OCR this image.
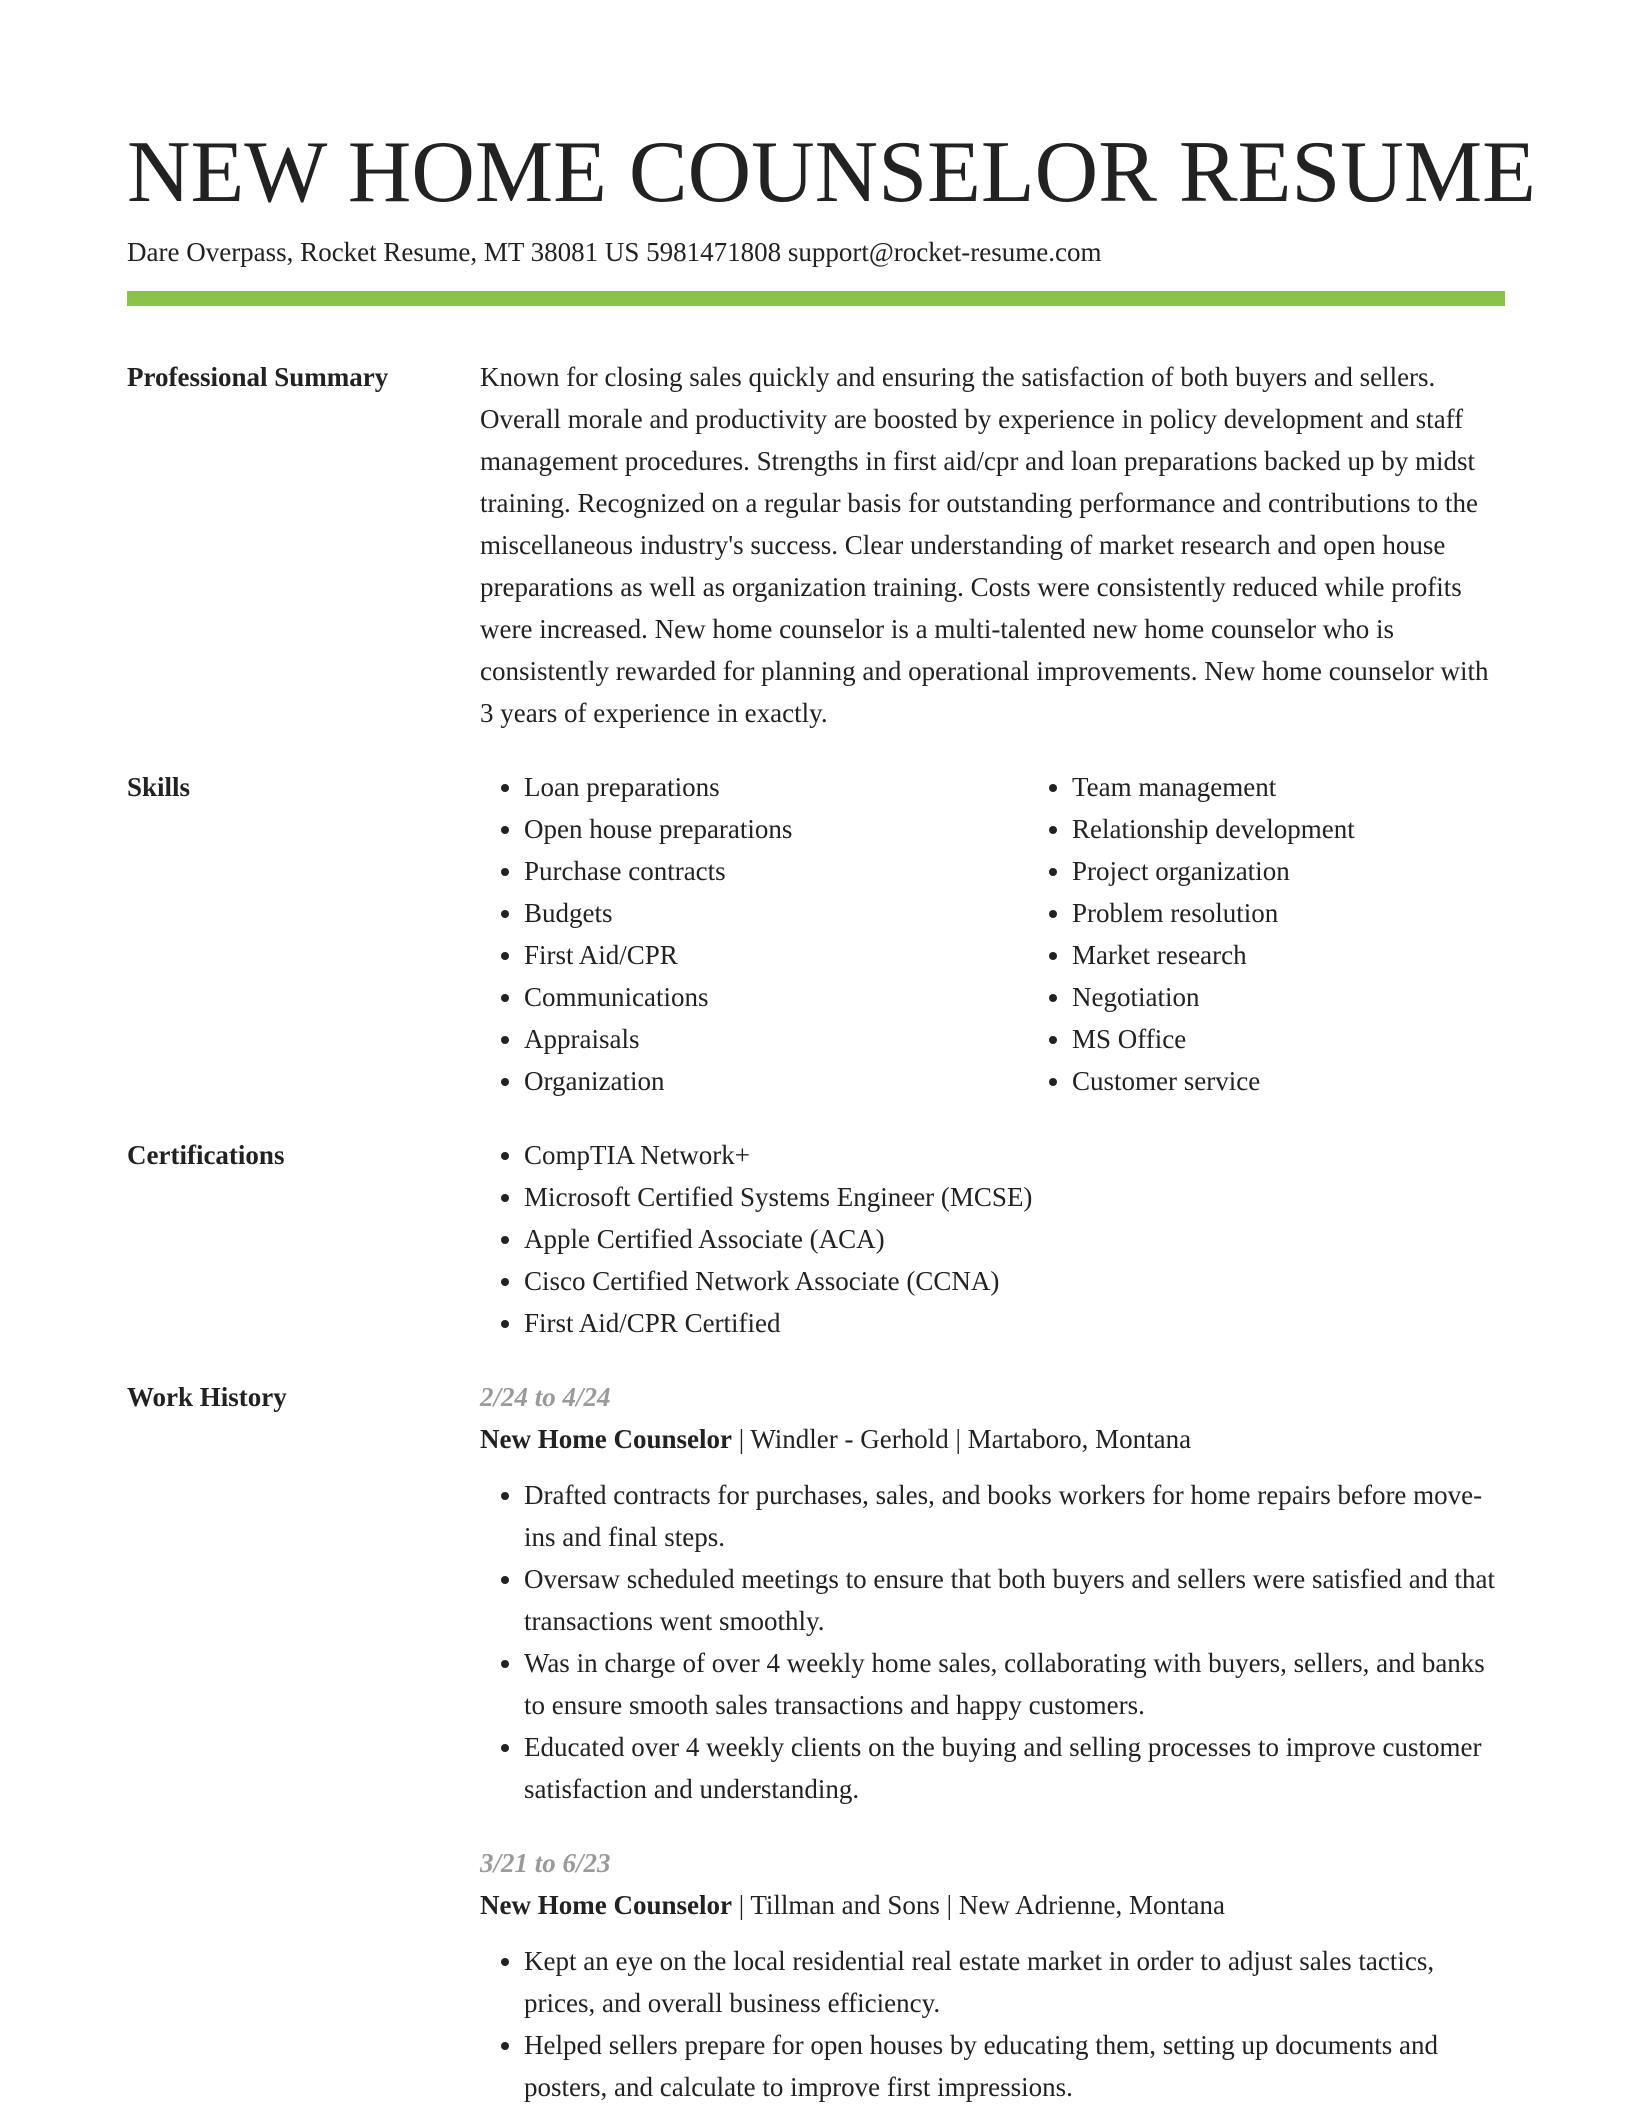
NEW HOME COUNSELOR RESUME
Dare Overpass, Rocket Resume, MT 38081 US 5981471808 support@rocket-resume.com
Professional Summary	Known for closing sales quickly and ensuring the satisfaction of both buyers and sellers. Overall morale and productivity are boosted by experience in policy development and staff management procedures. Strengths in first aid/cpr and loan preparations backed up by midst training. Recognized on a regular basis for outstanding performance and contributions to the miscellaneous industry's success. Clear understanding of market research and open house preparations as well as organization training. Costs were consistently reduced while profits were increased. New home counselor is a multi-talented new home counselor who is consistently rewarded for planning and operational improvements. New home counselor with 3 years of experience in exactly.
Skills	• Loan preparations
• Open house preparations
• Purchase contracts
• Budgets
• First Aid/CPR
• Communications
• Appraisals
• Organization
• Team management
• Relationship development
• Project organization
• Problem resolution
• Market research
• Negotiation
• MS Office
• Customer service
Certifications	• CompTIA Network+
• Microsoft Certified Systems Engineer (MCSE)
• Apple Certified Associate (ACA)
• Cisco Certified Network Associate (CCNA)
• First Aid/CPR Certified
Work History	2/24 to 4/24
New Home Counselor | Windler - Gerhold | Martaboro, Montana
• Drafted contracts for purchases, sales, and books workers for home repairs before move-ins and final steps.
• Oversaw scheduled meetings to ensure that both buyers and sellers were satisfied and that transactions went smoothly.
• Was in charge of over 4 weekly home sales, collaborating with buyers, sellers, and banks to ensure smooth sales transactions and happy customers.
• Educated over 4 weekly clients on the buying and selling processes to improve customer satisfaction and understanding.
3/21 to 6/23
New Home Counselor | Tillman and Sons | New Adrienne, Montana
• Kept an eye on the local residential real estate market in order to adjust sales tactics, prices, and overall business efficiency.
• Helped sellers prepare for open houses by educating them, setting up documents and posters, and calculate to improve first impressions.
